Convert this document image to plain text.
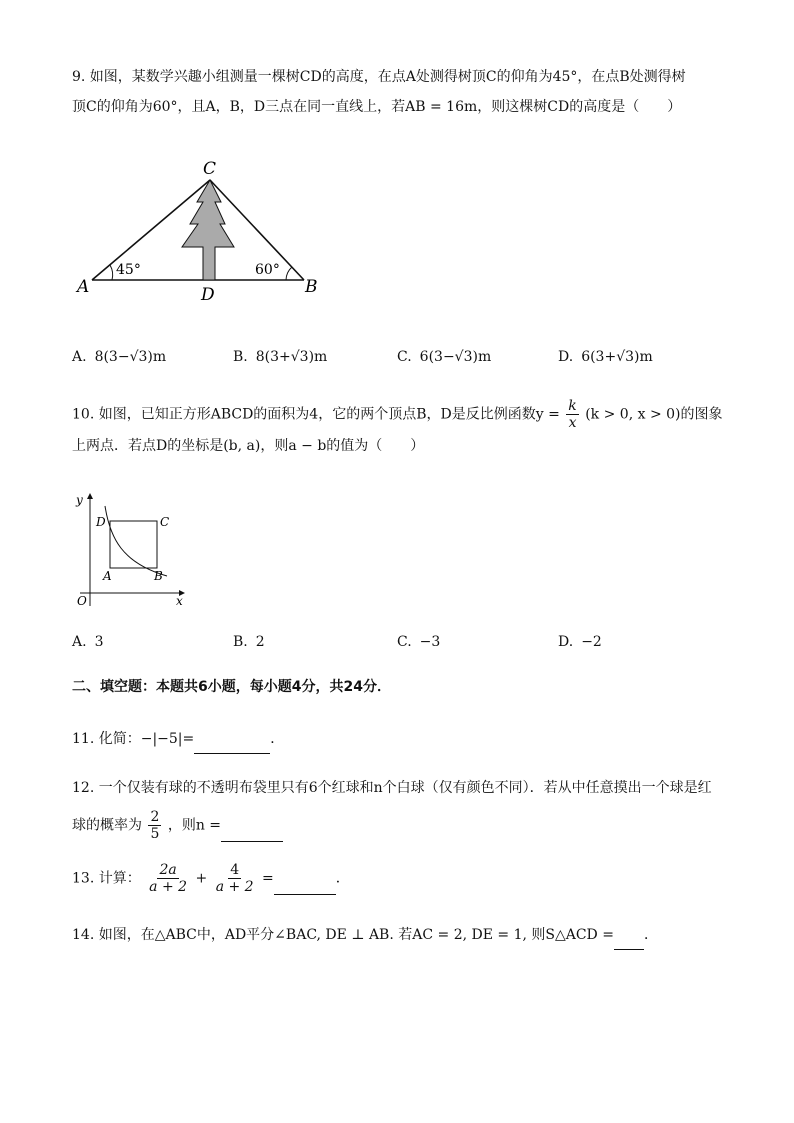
9. 如图，某数学兴趣小组测量一棵树CD的高度，在点A处测得树顶C的仰角为45°，在点B处测得树
顶C的仰角为60°，且A，B，D三点在同一直线上，若AB = 16m，则这棵树CD的高度是（　　）
C
A	B
D
45°	60°
A. 8(3−√3)m	B. 8(3+√3)m	C. 6(3−√3)m	D. 6(3+√3)m
10. 如图，已知正方形ABCD的面积为4，它的两个顶点B，D是反比例函数$y = \frac{k}{x} (k > 0$, x > 0)的图象
上两点．若点D的坐标是(b, a)，则a − b的值为（　　）
y
x
O
D	C
A	B
A. 3	B. 2	C. −3	D. −2
二、填空题：本题共6小题，每小题4分，共24分．
11. 化简：−|−5|=	．
12. 一个仅装有球的不透明布袋里只有6个红球和n个白球（仅有颜色不同）．若从中任意摸出一个球是红
球的概率为 $\frac{2}{5}$ ，则n =
13. 计算： $\frac{2a}{a + 2} + \frac{4}{a + 2}$ =	．
14. 如图，在△ABC中，AD平分∠BAC, DE ⊥ AB. 若AC = 2, DE = 1, 则S△ACD = ．
